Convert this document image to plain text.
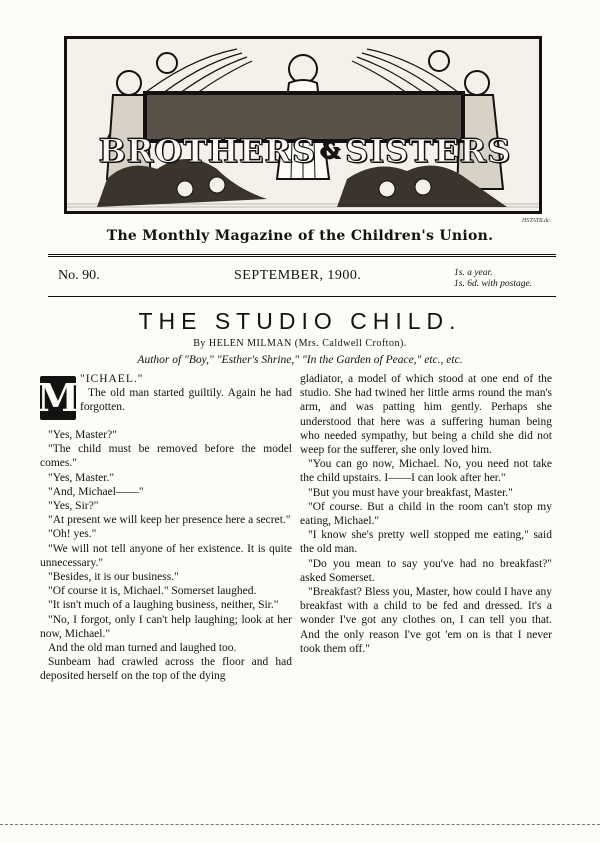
BROTHERS & SISTERS
HSTATR.dc.
The Monthly Magazine of the Children's Union.
No. 90.	SEPTEMBER, 1900.	1s. a year.
1s. 6d. with postage.
THE STUDIO CHILD.
By HELEN MILMAN (Mrs. Caldwell Crofton).
Author of "Boy," "Esther's Shrine," "In the Garden of Peace," etc., etc.
M "ICHAEL."

The old man started guiltily. Again he had forgotten.

"Yes, Master?"

"The child must be removed before the model comes."

"Yes, Master."

"And, Michael——"

"Yes, Sir?"

"At present we will keep her presence here a secret."

"Oh! yes."

"We will not tell anyone of her existence. It is quite unnecessary."

"Besides, it is our business."

"Of course it is, Michael." Somerset laughed.

"It isn't much of a laughing business, neither, Sir."

"No, I forgot, only I can't help laughing; look at her now, Michael."

And the old man turned and laughed too.

Sunbeam had crawled across the floor and had deposited herself on the top of the dying

gladiator, a model of which stood at one end of the studio. She had twined her little arms round the man's arm, and was patting him gently. Perhaps she understood that here was a suffering human being who needed sympathy, but being a child she did not weep for the sufferer, she only loved him.

"You can go now, Michael. No, you need not take the child upstairs. I——I can look after her."

"But you must have your breakfast, Master."

"Of course. But a child in the room can't stop my eating, Michael."

"I know she's pretty well stopped me eating," said the old man.

"Do you mean to say you've had no breakfast?" asked Somerset.

"Breakfast? Bless you, Master, how could I have any breakfast with a child to be fed and dressed. It's a wonder I've got any clothes on, I can tell you that. And the only reason I've got 'em on is that I never took them off."
